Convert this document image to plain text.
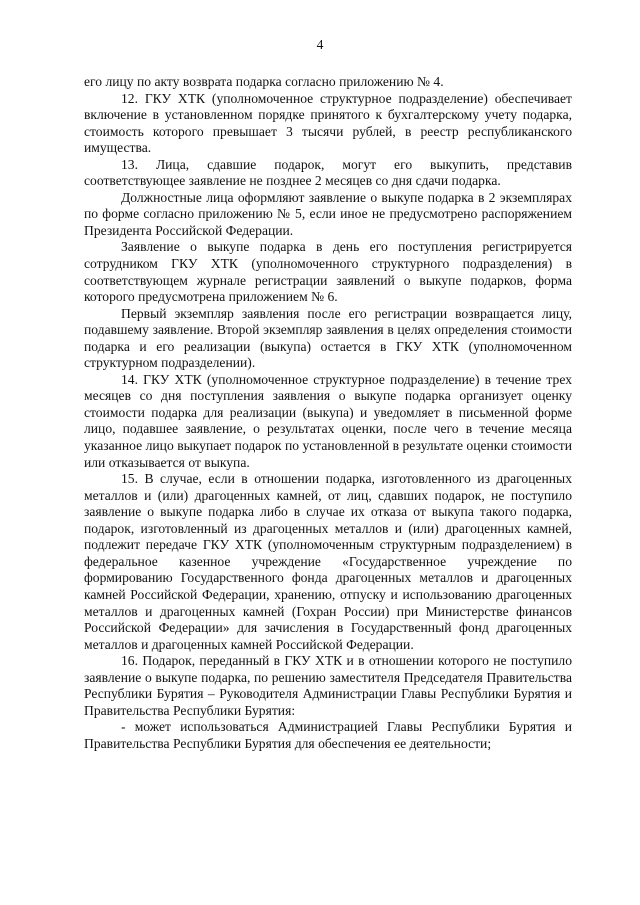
4

его лицу по акту возврата подарка согласно приложению № 4.

12. ГКУ ХТК (уполномоченное структурное подразделение) обеспечивает включение в установленном порядке принятого к бухгалтерскому учету подарка, стоимость которого превышает 3 тысячи рублей, в реестр республиканского имущества.

13. Лица, сдавшие подарок, могут его выкупить, представив соответствующее заявление не позднее 2 месяцев со дня сдачи подарка.

Должностные лица оформляют заявление о выкупе подарка в 2 экземплярах по форме согласно приложению № 5, если иное не предусмотрено распоряжением Президента Российской Федерации.

Заявление о выкупе подарка в день его поступления регистрируется сотрудником ГКУ ХТК (уполномоченного структурного подразделения) в соответствующем журнале регистрации заявлений о выкупе подарков, форма которого предусмотрена приложением № 6.

Первый экземпляр заявления после его регистрации возвращается лицу, подавшему заявление. Второй экземпляр заявления в целях определения стоимости подарка и его реализации (выкупа) остается в ГКУ ХТК (уполномоченном структурном подразделении).

14. ГКУ ХТК (уполномоченное структурное подразделение) в течение трех месяцев со дня поступления заявления о выкупе подарка организует оценку стоимости подарка для реализации (выкупа) и уведомляет в письменной форме лицо, подавшее заявление, о результатах оценки, после чего в течение месяца указанное лицо выкупает подарок по установленной в результате оценки стоимости или отказывается от выкупа.

15. В случае, если в отношении подарка, изготовленного из драгоценных металлов и (или) драгоценных камней, от лиц, сдавших подарок, не поступило заявление о выкупе подарка либо в случае их отказа от выкупа такого подарка, подарок, изготовленный из драгоценных металлов и (или) драгоценных камней, подлежит передаче ГКУ ХТК (уполномоченным структурным подразделением) в федеральное казенное учреждение «Государственное учреждение по формированию Государственного фонда драгоценных металлов и драгоценных камней Российской Федерации, хранению, отпуску и использованию драгоценных металлов и драгоценных камней (Гохран России) при Министерстве финансов Российской Федерации» для зачисления в Государственный фонд драгоценных металлов и драгоценных камней Российской Федерации.

16. Подарок, переданный в ГКУ ХТК и в отношении которого не поступило заявление о выкупе подарка, по решению заместителя Председателя Правительства Республики Бурятия – Руководителя Администрации Главы Республики Бурятия и Правительства Республики Бурятия:

- может использоваться Администрацией Главы Республики Бурятия и Правительства Республики Бурятия для обеспечения ее деятельности;
